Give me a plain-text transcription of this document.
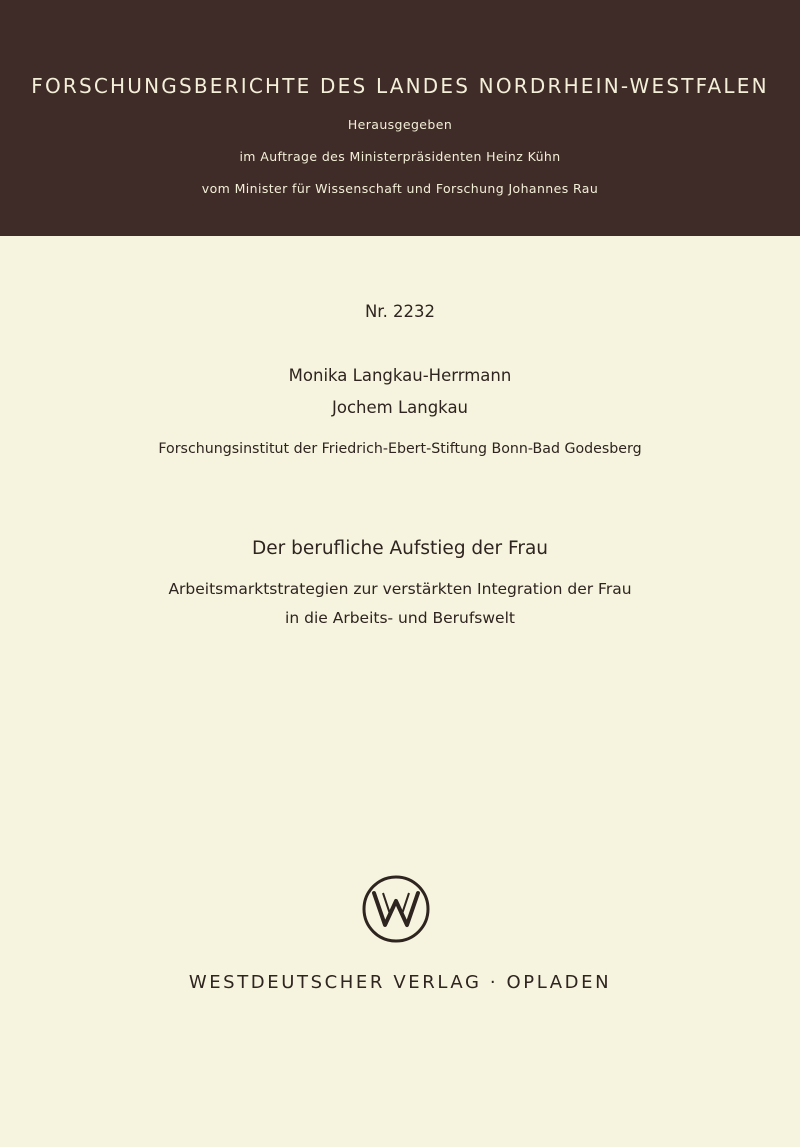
FORSCHUNGSBERICHTE DES LANDES NORDRHEIN-WESTFALEN
Herausgegeben
im Auftrage des Ministerpräsidenten Heinz Kühn
vom Minister für Wissenschaft und Forschung Johannes Rau
Nr. 2232
Monika Langkau-Herrmann
Jochem Langkau
Forschungsinstitut der Friedrich-Ebert-Stiftung Bonn-Bad Godesberg
Der berufliche Aufstieg der Frau
Arbeitsmarktstrategien zur verstärkten Integration der Frau
in die Arbeits- und Berufswelt
WESTDEUTSCHER VERLAG · OPLADEN
